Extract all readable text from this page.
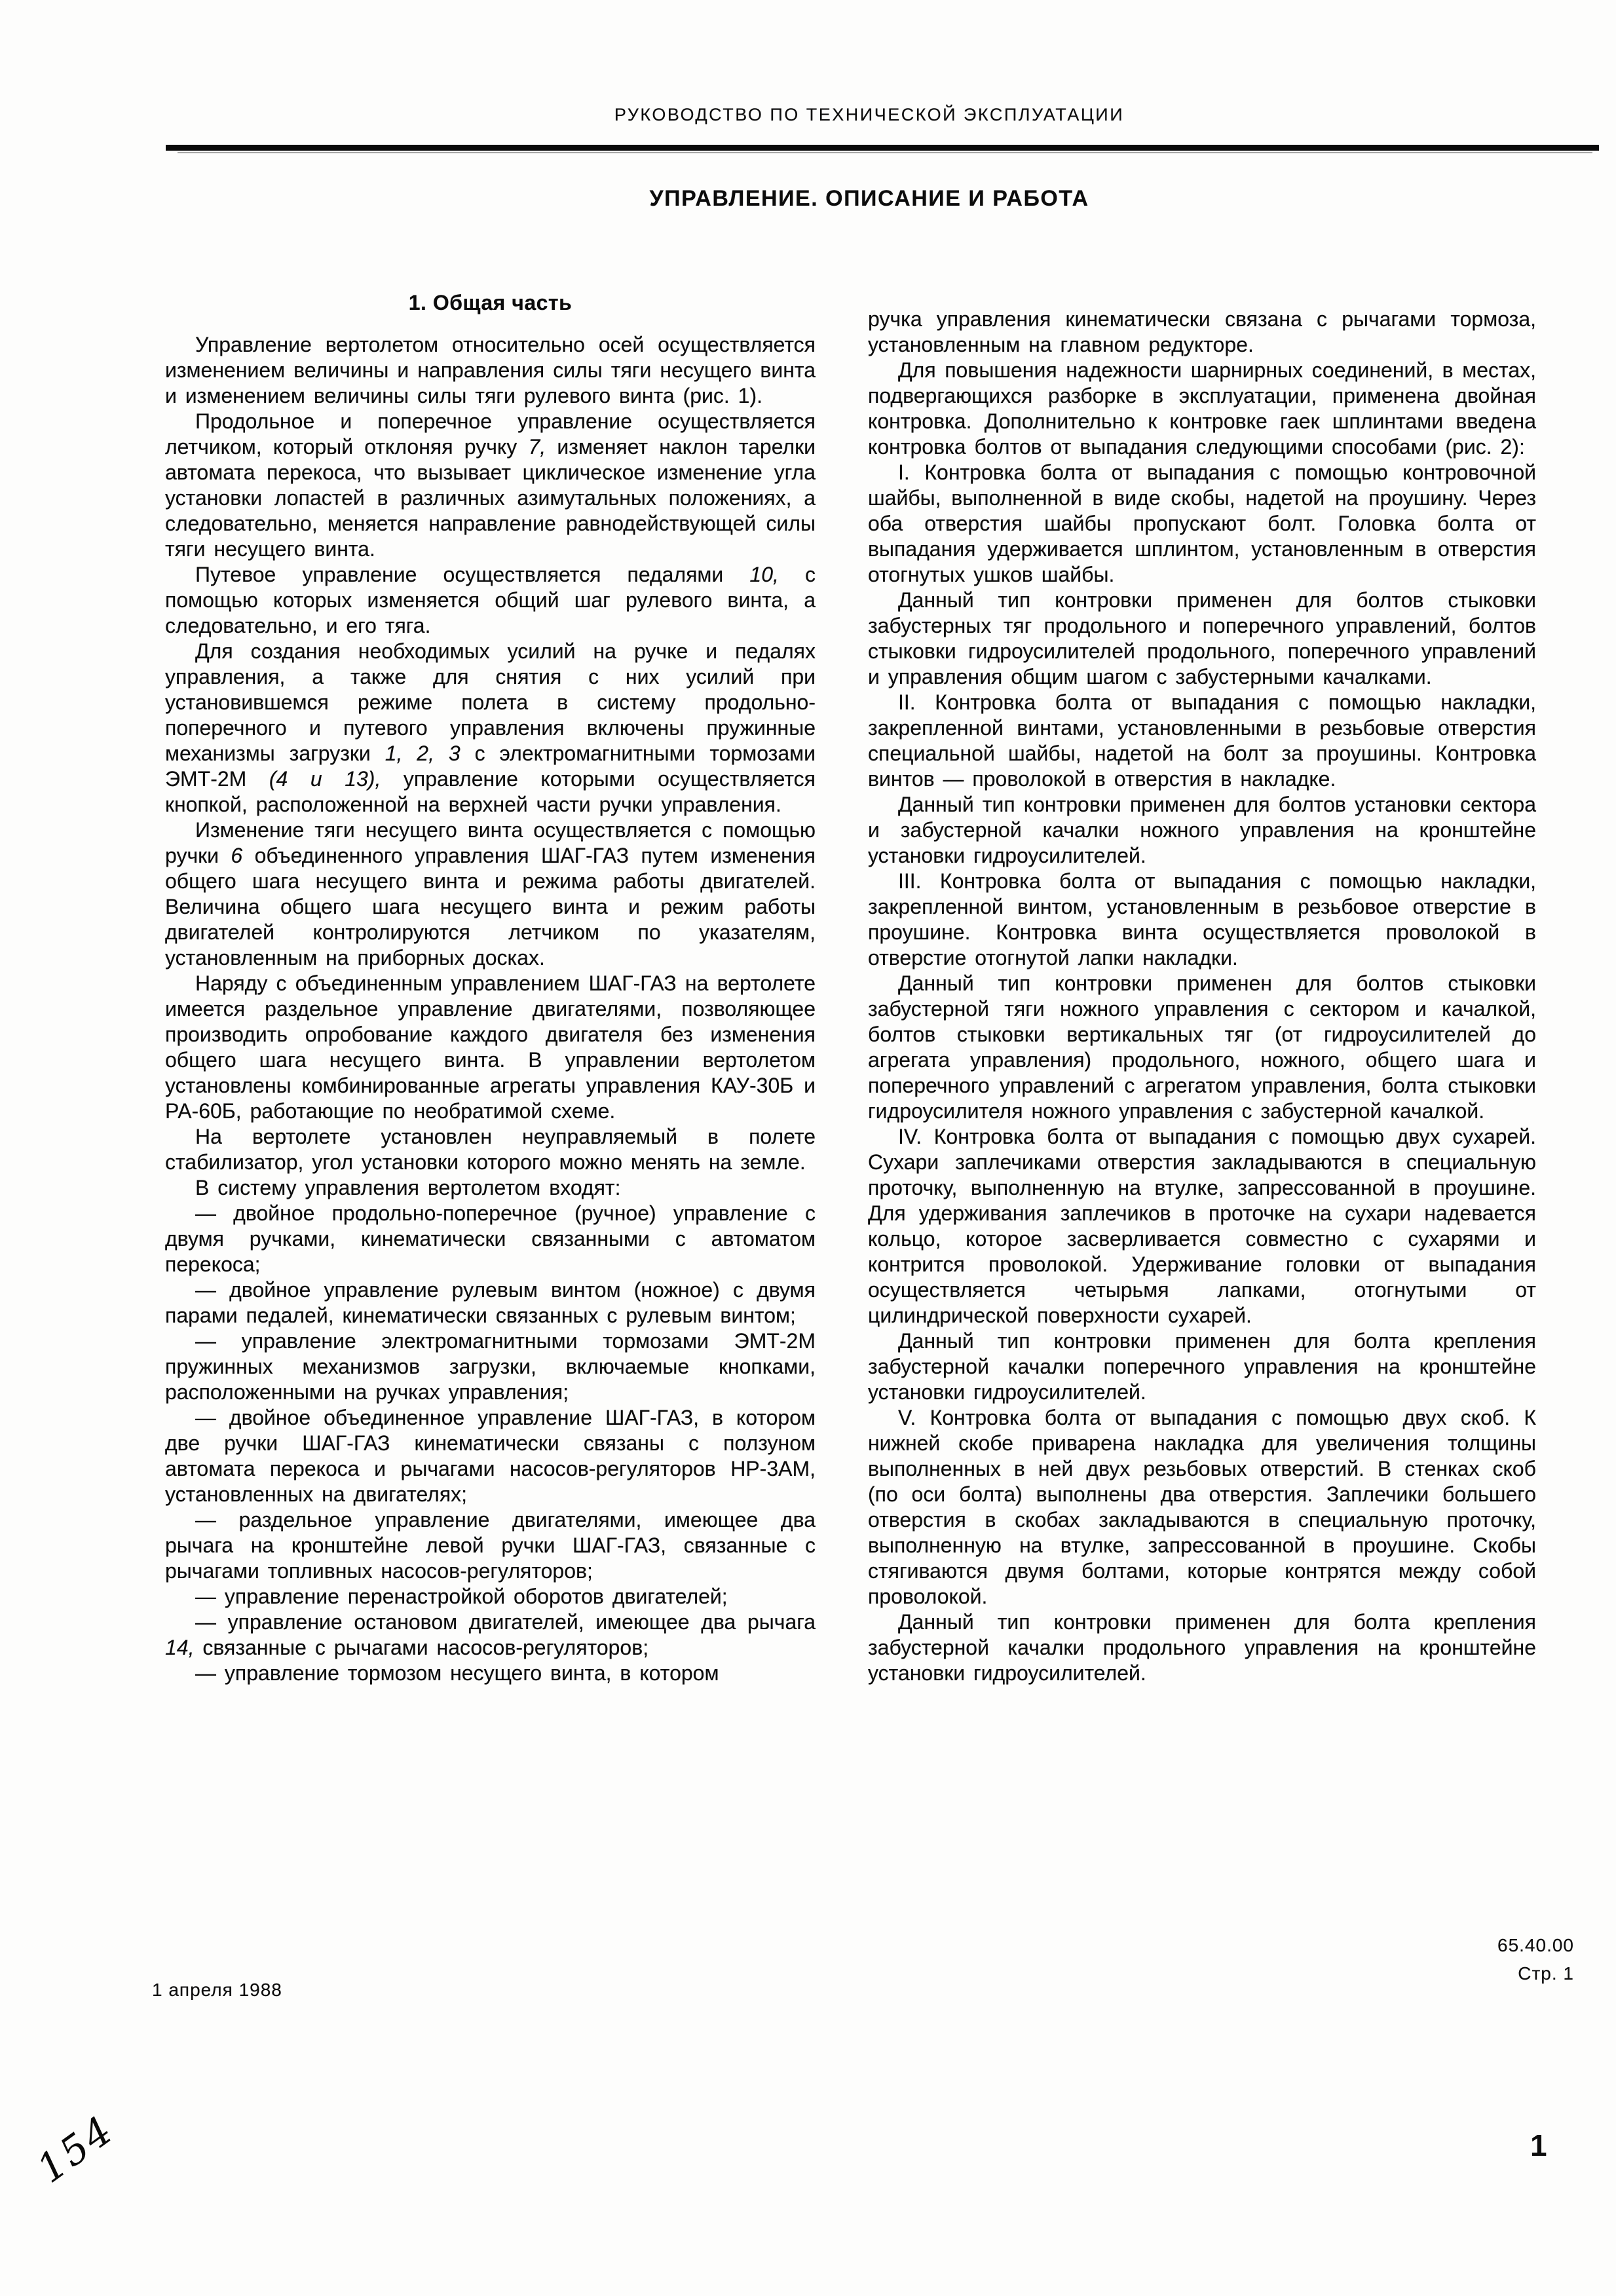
РУКОВОДСТВО ПО ТЕХНИЧЕСКОЙ ЭКСПЛУАТАЦИИ
УПРАВЛЕНИЕ. ОПИСАНИЕ И РАБОТА
1. Общая часть

Управление вертолетом относительно осей осуществляется изменением величины и направления силы тяги несущего винта и изменением величины силы тяги рулевого винта (рис. 1).

Продольное и поперечное управление осуществляется летчиком, который отклоняя ручку 7, изменяет наклон тарелки автомата перекоса, что вызывает циклическое изменение угла установки лопастей в различных азимутальных положениях, а следовательно, меняется направление равнодействующей силы тяги несущего винта.

Путевое управление осуществляется педалями 10, с помощью которых изменяется общий шаг рулевого винта, а следовательно, и его тяга.

Для создания необходимых усилий на ручке и педалях управления, а также для снятия с них усилий при установившемся режиме полета в систему продольно-поперечного и путевого управления включены пружинные механизмы загрузки 1, 2, 3 с электромагнитными тормозами ЭМТ-2М (4 и 13), управление которыми осуществляется кнопкой, расположенной на верхней части ручки управления.

Изменение тяги несущего винта осуществляется с помощью ручки 6 объединенного управления ШАГ-ГАЗ путем изменения общего шага несущего винта и режима работы двигателей. Величина общего шага несущего винта и режим работы двигателей контролируются летчиком по указателям, установленным на приборных досках.

Наряду с объединенным управлением ШАГ-ГАЗ на вертолете имеется раздельное управление двигателями, позволяющее производить опробование каждого двигателя без изменения общего шага несущего винта. В управлении вертолетом установлены комбинированные агрегаты управления КАУ-30Б и РА-60Б, работающие по необратимой схеме.

На вертолете установлен неуправляемый в полете стабилизатор, угол установки которого можно менять на земле.

В систему управления вертолетом входят:

— двойное продольно-поперечное (ручное) управление с двумя ручками, кинематически связанными с автоматом перекоса;

— двойное управление рулевым винтом (ножное) с двумя парами педалей, кинематически связанных с рулевым винтом;

— управление электромагнитными тормозами ЭМТ-2М пружинных механизмов загрузки, включаемые кнопками, расположенными на ручках управления;

— двойное объединенное управление ШАГ-ГАЗ, в котором две ручки ШАГ-ГАЗ кинематически связаны с ползуном автомата перекоса и рычагами насосов-регуляторов НР-3АМ, установленных на двигателях;

— раздельное управление двигателями, имеющее два рычага на кронштейне левой ручки ШАГ-ГАЗ, связанные с рычагами топливных насосов-регуляторов;

— управление перенастройкой оборотов двигателей;

— управление остановом двигателей, имеющее два рычага 14, связанные с рычагами насосов-регуляторов;

— управление тормозом несущего винта, в котором

ручка управления кинематически связана с рычагами тормоза, установленным на главном редукторе.

Для повышения надежности шарнирных соединений, в местах, подвергающихся разборке в эксплуатации, применена двойная контровка. Дополнительно к контровке гаек шплинтами введена контровка болтов от выпадания следующими способами (рис. 2):

I. Контровка болта от выпадания с помощью контровочной шайбы, выполненной в виде скобы, надетой на проушину. Через оба отверстия шайбы пропускают болт. Головка болта от выпадания удерживается шплинтом, установленным в отверстия отогнутых ушков шайбы.

Данный тип контровки применен для болтов стыковки забустерных тяг продольного и поперечного управлений, болтов стыковки гидроусилителей продольного, поперечного управлений и управления общим шагом с забустерными качалками.

II. Контровка болта от выпадания с помощью накладки, закрепленной винтами, установленными в резьбовые отверстия специальной шайбы, надетой на болт за проушины. Контровка винтов — проволокой в отверстия в накладке.

Данный тип контровки применен для болтов установки сектора и забустерной качалки ножного управления на кронштейне установки гидроусилителей.

III. Контровка болта от выпадания с помощью накладки, закрепленной винтом, установленным в резьбовое отверстие в проушине. Контровка винта осуществляется проволокой в отверстие отогнутой лапки накладки.

Данный тип контровки применен для болтов стыковки забустерной тяги ножного управления с сектором и качалкой, болтов стыковки вертикальных тяг (от гидроусилителей до агрегата управления) продольного, ножного, общего шага и поперечного управлений с агрегатом управления, болта стыковки гидроусилителя ножного управления с забустерной качалкой.

IV. Контровка болта от выпадания с помощью двух сухарей. Сухари заплечиками отверстия закладываются в специальную проточку, выполненную на втулке, запрессованной в проушине. Для удерживания заплечиков в проточке на сухари надевается кольцо, которое засверливается совместно с сухарями и контрится проволокой. Удерживание головки от выпадания осуществляется четырьмя лапками, отогнутыми от цилиндрической поверхности сухарей.

Данный тип контровки применен для болта крепления забустерной качалки поперечного управления на кронштейне установки гидроусилителей.

V. Контровка болта от выпадания с помощью двух скоб. К нижней скобе приварена накладка для увеличения толщины выполненных в ней двух резьбовых отверстий. В стенках скоб (по оси болта) выполнены два отверстия. Заплечики большего отверстия в скобах закладываются в специальную проточку, выполненную на втулке, запрессованной в проушине. Скобы стягиваются двумя болтами, которые контрятся между собой проволокой.

Данный тип контровки применен для болта крепления забустерной качалки продольного управления на кронштейне установки гидроусилителей.

1 апреля 1988
65.40.00
Стр. 1
154	1
